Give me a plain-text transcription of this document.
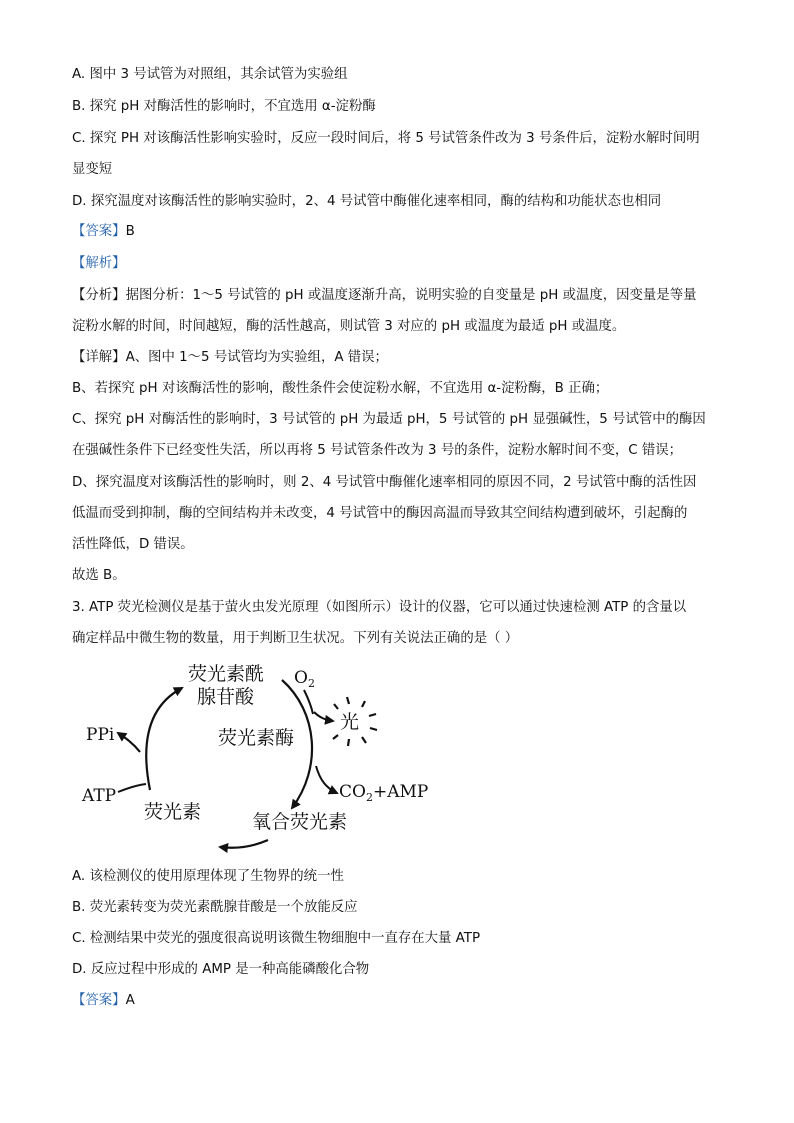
A. 图中 3 号试管为对照组，其余试管为实验组
B. 探究 pH 对酶活性的影响时，不宜选用 α-淀粉酶
C. 探究 PH 对该酶活性影响实验时，反应一段时间后，将 5 号试管条件改为 3 号条件后，淀粉水解时间明
显变短
D. 探究温度对该酶活性的影响实验时，2、4 号试管中酶催化速率相同，酶的结构和功能状态也相同
【答案】B
【解析】
【分析】据图分析：1～5 号试管的 pH 或温度逐渐升高，说明实验的自变量是 pH 或温度，因变量是等量
淀粉水解的时间，时间越短，酶的活性越高，则试管 3 对应的 pH 或温度为最适 pH 或温度。
【详解】A、图中 1～5 号试管均为实验组，A 错误；
B、若探究 pH 对该酶活性的影响，酸性条件会使淀粉水解，不宜选用 α-淀粉酶，B 正确；
C、探究 pH 对酶活性的影响时，3 号试管的 pH 为最适 pH，5 号试管的 pH 显强碱性，5 号试管中的酶因
在强碱性条件下已经变性失活，所以再将 5 号试管条件改为 3 号的条件，淀粉水解时间不变，C 错误；
D、探究温度对该酶活性的影响时，则 2、4 号试管中酶催化速率相同的原因不同，2 号试管中酶的活性因
低温而受到抑制，酶的空间结构并未改变，4 号试管中的酶因高温而导致其空间结构遭到破坏，引起酶的
活性降低，D 错误。
故选 B。
3. ATP 荧光检测仪是基于萤火虫发光原理（如图所示）设计的仪器，它可以通过快速检测 ATP 的含量以
确定样品中微生物的数量，用于判断卫生状况。下列有关说法正确的是（ ）
荧光素酰
腺苷酸
$O_2$
光
PPi	荧光素酶
$CO_2+AMP$
ATP
荧光素	氧合荧光素
A. 该检测仪的使用原理体现了生物界的统一性
B. 荧光素转变为荧光素酰腺苷酸是一个放能反应
C. 检测结果中荧光的强度很高说明该微生物细胞中一直存在大量 ATP
D. 反应过程中形成的 AMP 是一种高能磷酸化合物
【答案】A
